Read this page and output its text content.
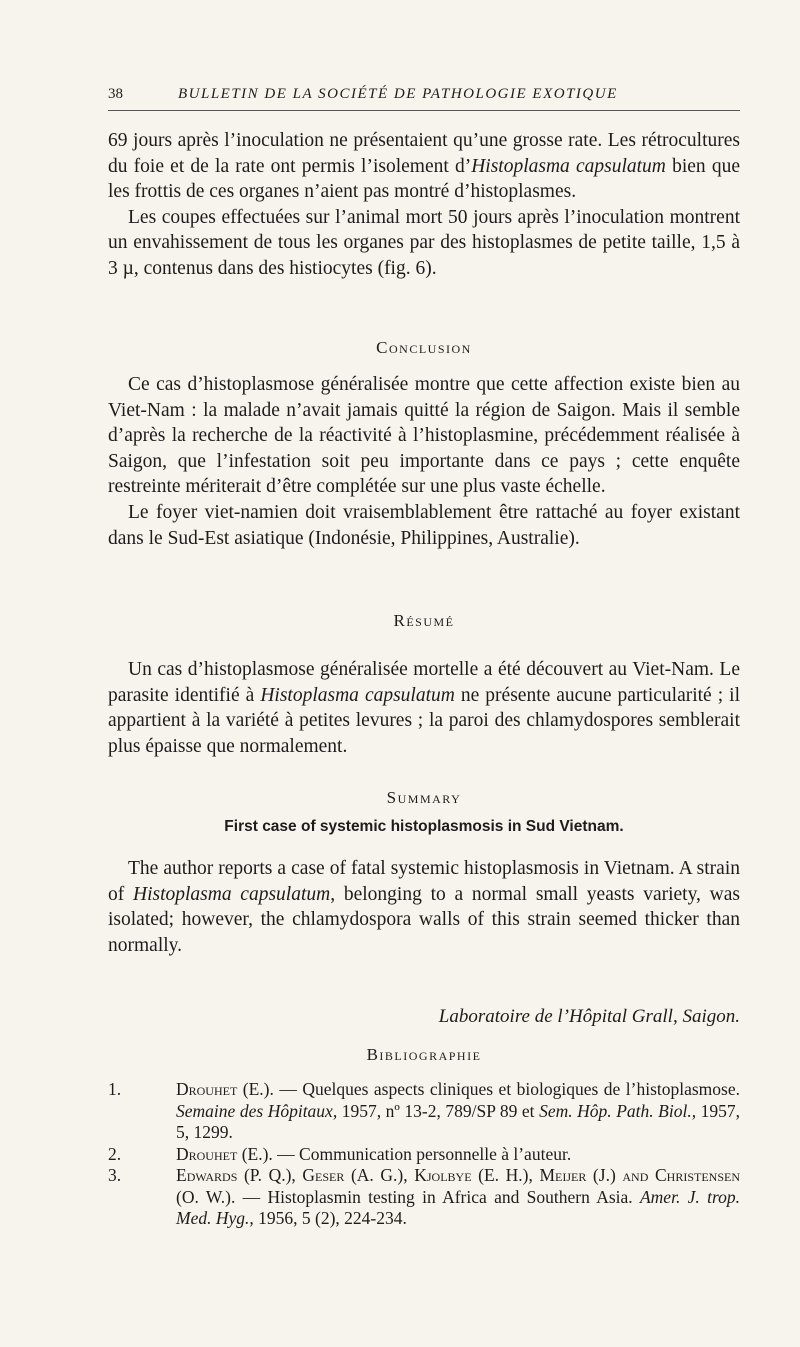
38	BULLETIN DE LA SOCIÉTÉ DE PATHOLOGIE EXOTIQUE

69 jours après l’inoculation ne présentaient qu’une grosse rate. Les rétrocultures du foie et de la rate ont permis l’isolement d’Histoplasma capsulatum bien que les frottis de ces organes n’aient pas montré d’histoplasmes.

Les coupes effectuées sur l’animal mort 50 jours après l’inoculation montrent un envahissement de tous les organes par des histoplasmes de petite taille, 1,5 à 3 µ, contenus dans des histiocytes (fig. 6).

Conclusion

Ce cas d’histoplasmose généralisée montre que cette affection existe bien au Viet-Nam : la malade n’avait jamais quitté la région de Saigon. Mais il semble d’après la recherche de la réactivité à l’histoplasmine, précédemment réalisée à Saigon, que l’infestation soit peu importante dans ce pays ; cette enquête restreinte mériterait d’être complétée sur une plus vaste échelle.

Le foyer viet-namien doit vraisemblablement être rattaché au foyer existant dans le Sud-Est asiatique (Indonésie, Philippines, Australie).

Résumé

Un cas d’histoplasmose généralisée mortelle a été découvert au Viet-Nam. Le parasite identifié à Histoplasma capsulatum ne présente aucune particularité ; il appartient à la variété à petites levures ; la paroi des chlamydospores semblerait plus épaisse que normalement.

Summary
First case of systemic histoplasmosis in Sud Vietnam.

The author reports a case of fatal systemic histoplasmosis in Vietnam. A strain of Histoplasma capsulatum, belonging to a normal small yeasts variety, was isolated; however, the chlamydospora walls of this strain seemed thicker than normally.

Laboratoire de l’Hôpital Grall, Saigon.
Bibliographie
1.	Drouhet (E.). — Quelques aspects cliniques et biologiques de l’histoplasmose. Semaine des Hôpitaux, 1957, nº 13-2, 789/SP 89 et Sem. Hôp. Path. Biol., 1957, 5, 1299.
2.	Drouhet (E.). — Communication personnelle à l’auteur.
3.	Edwards (P. Q.), Geser (A. G.), Kjolbye (E. H.), Meijer (J.) and Christensen (O. W.). — Histoplasmin testing in Africa and Southern Asia. Amer. J. trop. Med. Hyg., 1956, 5 (2), 224-234.
